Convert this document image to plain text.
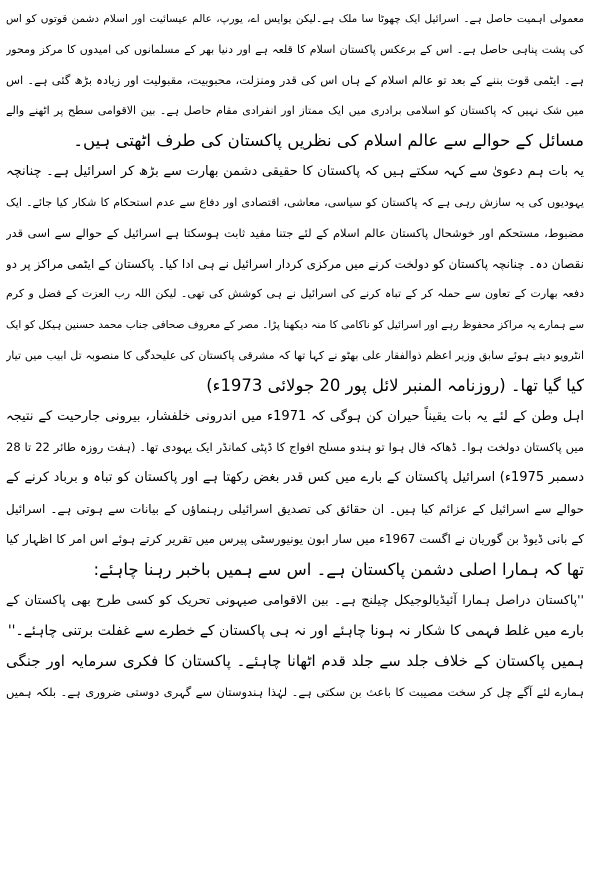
معمولی اہمیت حاصل ہے۔ اسرائیل ایک چھوٹا سا ملک ہے۔لیکن یوایس اے، یورپ، عالم عیسائیت اور اسلام دشمن قوتوں کو اس
کی پشت پناہی حاصل ہے۔ اس کے برعکس پاکستان اسلام کا قلعہ ہے اور دنیا بھر کے مسلمانوں کی امیدوں کا مرکز ومحور
ہے۔ ایٹمی قوت بننے کے بعد تو عالم اسلام کے ہاں اس کی قدر ومنزلت، محبوبیت، مقبولیت اور زیادہ بڑھ گئی ہے۔ اس
میں شک نہیں کہ پاکستان کو اسلامی برادری میں ایک ممتاز اور انفرادی مقام حاصل ہے۔ بین الاقوامی سطح پر اٹھنے والے
مسائل کے حوالے سے عالم اسلام کی نظریں پاکستان کی طرف اٹھتی ہیں۔
یہ بات ہم دعویٰ سے کہہ سکتے ہیں کہ پاکستان کا حقیقی دشمن بھارت سے بڑھ کر اسرائیل ہے۔ چنانچہ
یہودیوں کی یہ سازش رہی ہے کہ پاکستان کو سیاسی، معاشی، اقتصادی اور دفاع سے عدم استحکام کا شکار کیا جائے۔ ایک
مضبوط، مستحکم اور خوشحال پاکستان عالم اسلام کے لئے جتنا مفید ثابت ہوسکتا ہے اسرائیل کے حوالے سے اسی قدر
نقصان دہ۔ چنانچہ پاکستان کو دولخت کرنے میں مرکزی کردار اسرائیل نے ہی ادا کیا۔ پاکستان کے ایٹمی مراکز پر دو
دفعہ بھارت کے تعاون سے حملہ کر کے تباہ کرنے کی اسرائیل نے ہی کوشش کی تھی۔ لیکن اللہ رب العزت کے فضل و کرم
سے ہمارے یہ مراکز محفوظ رہے اور اسرائیل کو ناکامی کا منہ دیکھنا پڑا۔ مصر کے معروف صحافی جناب محمد حسنین ہیکل کو ایک
انٹرویو دیتے ہوئے سابق وزیر اعظم ذوالفقار علی بھٹو نے کہا تھا کہ مشرقی پاکستان کی علیحدگی کا منصوبہ تل ابیب میں تیار
کیا گیا تھا۔ (روزنامہ المنبر لائل پور 20 جولائی 1973ء)
اہل وطن کے لئے یہ بات یقیناً حیران کن ہوگی کہ 1971ء میں اندرونی خلفشار، بیرونی جارحیت کے نتیجہ
میں پاکستان دولخت ہوا۔ ڈھاکہ فال ہوا تو ہندو مسلح افواج کا ڈپٹی کمانڈر ایک یہودی تھا۔ (ہفت روزہ طائر 22 تا 28
دسمبر 1975ء) اسرائیل پاکستان کے بارے میں کس قدر بغض رکھتا ہے اور پاکستان کو تباہ و برباد کرنے کے
حوالے سے اسرائیل کے عزائم کیا ہیں۔ ان حقائق کی تصدیق اسرائیلی رہنماؤں کے بیانات سے ہوتی ہے۔ اسرائیل
کے بانی ڈیوڈ بن گوریان نے اگست 1967ء میں سار ابون یونیورسٹی پیرس میں تقریر کرتے ہوئے اس امر کا اظہار کیا
تھا کہ ہمارا اصلی دشمن پاکستان ہے۔ اس سے ہمیں باخبر رہنا چاہئے:
''پاکستان دراصل ہمارا آئیڈیالوجیکل چیلنج ہے۔ بین الاقوامی صیہونی تحریک کو کسی طرح بھی پاکستان کے
بارے میں غلط فہمی کا شکار نہ ہونا چاہئے اور نہ ہی پاکستان کے خطرے سے غفلت برتنی چاہئے۔''
ہمیں پاکستان کے خلاف جلد سے جلد قدم اٹھانا چاہئے۔ پاکستان کا فکری سرمایہ اور جنگی
ہمارے لئے آگے چل کر سخت مصیبت کا باعث بن سکتی ہے۔ لہٰذا ہندوستان سے گہری دوستی ضروری ہے۔ بلکہ ہمیں
